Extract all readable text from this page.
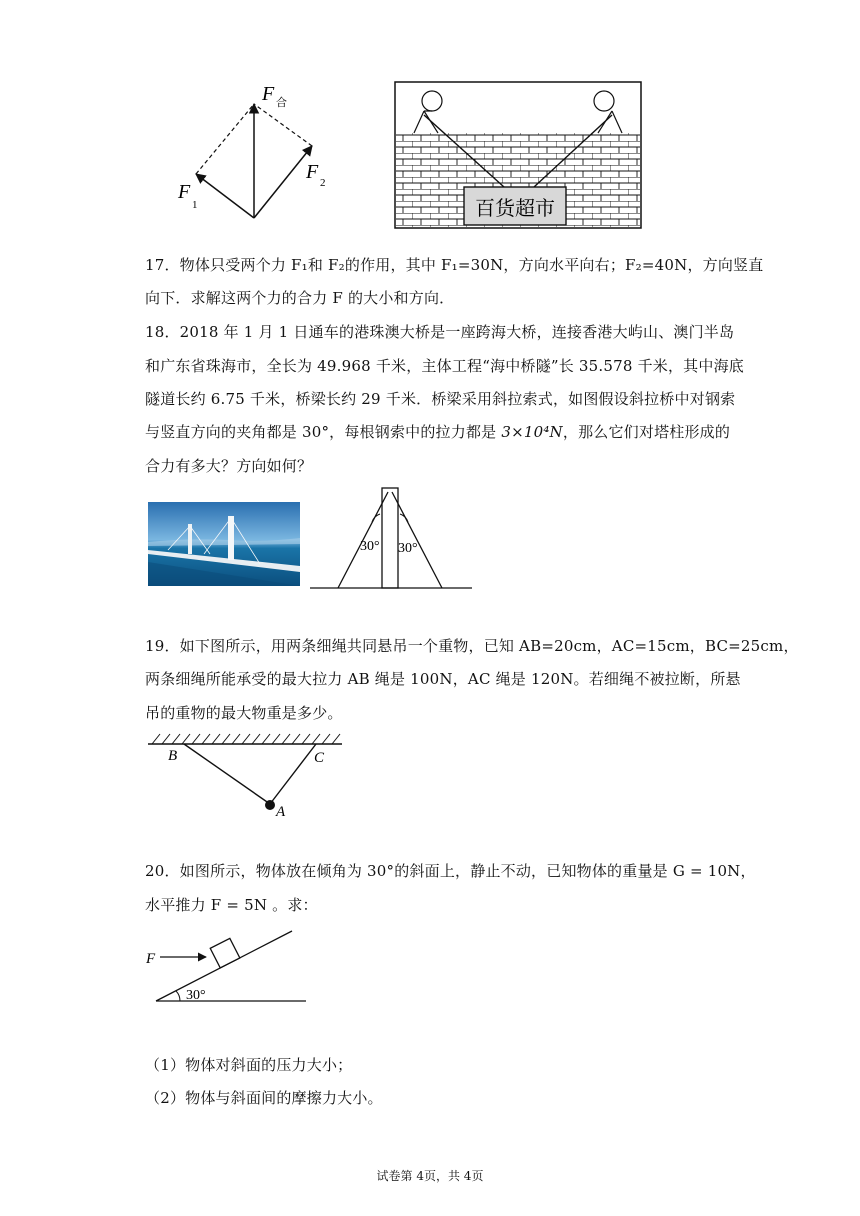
F 合
F
1
F 2
百货超市
17．物体只受两个力 F₁和 F₂的作用，其中 F₁=30N，方向水平向右；F₂=40N，方向竖直
向下．求解这两个力的合力 F 的大小和方向．
18．2018 年 1 月 1 日通车的港珠澳大桥是一座跨海大桥，连接香港大屿山、澳门半岛
和广东省珠海市，全长为 49.968 千米，主体工程“海中桥隧”长 35.578 千米，其中海底
隧道长约 6.75 千米，桥梁长约 29 千米．桥梁采用斜拉索式，如图假设斜拉桥中对钢索
与竖直方向的夹角都是 30°，每根钢索中的拉力都是 3×10⁴N，那么它们对塔柱形成的
合力有多大？方向如何？
30° 30°
19．如下图所示，用两条细绳共同悬吊一个重物，已知 AB=20cm，AC=15cm，BC=25cm，
两条细绳所能承受的最大拉力 AB 绳是 100N，AC 绳是 120N。若细绳不被拉断，所悬
吊的重物的最大物重是多少。
B	C
A
20．如图所示，物体放在倾角为 30°的斜面上，静止不动，已知物体的重量是 G = 10N，
水平推力 F = 5N 。求：
F
30°
（1）物体对斜面的压力大小；
（2）物体与斜面间的摩擦力大小。
试卷第 4页，共 4页
